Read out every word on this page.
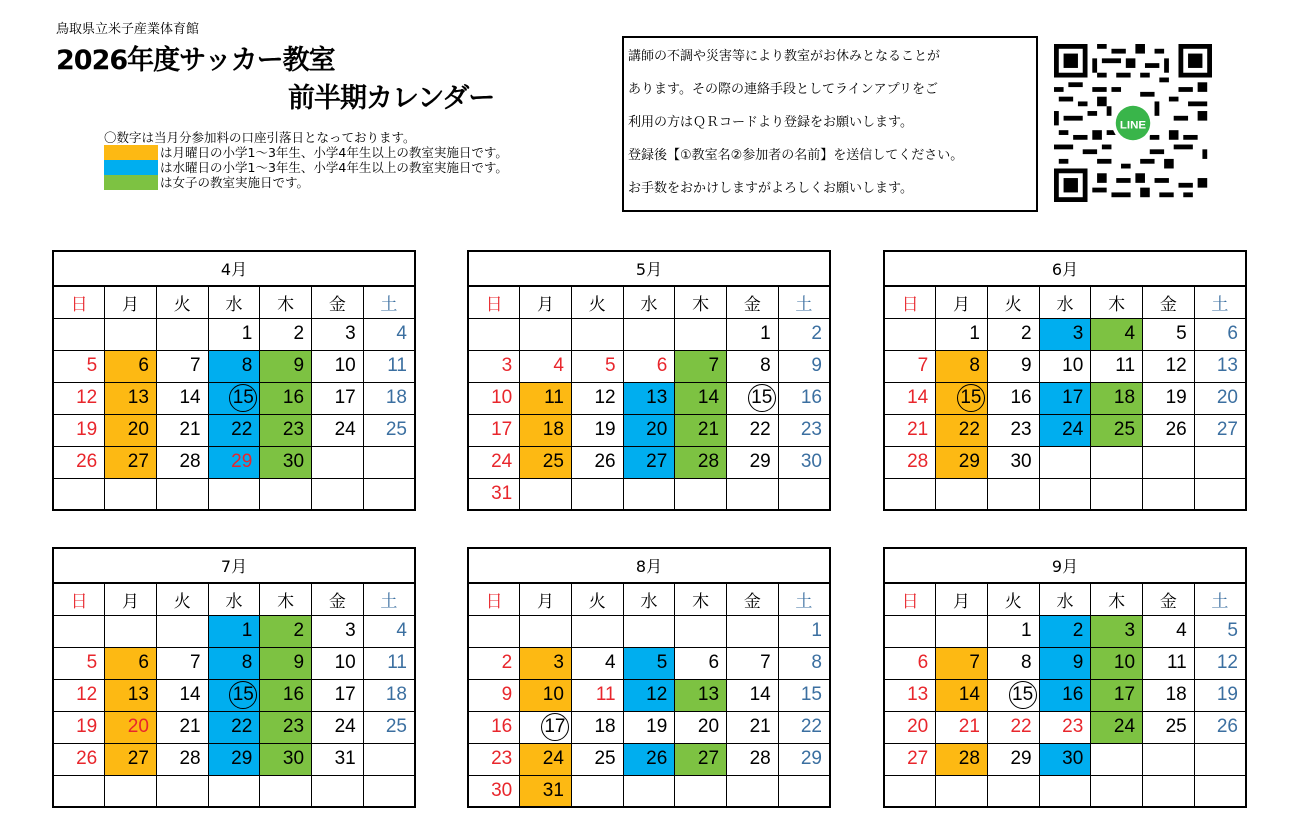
鳥取県立米子産業体育館
2026年度サッカー教室
前半期カレンダー
〇数字は当月分参加料の口座引落日となっております。
は月曜日の小学1～3年生、小学4年生以上の教室実施日です。
は水曜日の小学1～3年生、小学4年生以上の教室実施日です。
は女子の教室実施日です。

講師の不調や災害等により教室がお休みとなることが

あります。その際の連絡手段としてラインアプリをご

利用の方はＱＲコードより登録をお願いします。

登録後【①教室名②参加者の名前】を送信してください。

お手数をおかけしますがよろしくお願いします。

LINE
4月						
日	月	火	水	木	金	土
			1	2	3	4
5	6	7	8	9	10	11
12	13	14	15	16	17	18
19	20	21	22	23	24	25
26	27	28	29	30		

5月						
日	月	火	水	木	金	土
					1	2
3	4	5	6	7	8	9
10	11	12	13	14	15	16
17	18	19	20	21	22	23
24	25	26	27	28	29	30
31						
6月						
日	月	火	水	木	金	土
	1	2	3	4	5	6
7	8	9	10	11	12	13
14	15	16	17	18	19	20
21	22	23	24	25	26	27
28	29	30				

7月						
日	月	火	水	木	金	土
			1	2	3	4
5	6	7	8	9	10	11
12	13	14	15	16	17	18
19	20	21	22	23	24	25
26	27	28	29	30	31	

8月						
日	月	火	水	木	金	土
						1
2	3	4	5	6	7	8
9	10	11	12	13	14	15
16	17	18	19	20	21	22
23	24	25	26	27	28	29
30	31					
9月						
日	月	火	水	木	金	土
		1	2	3	4	5
6	7	8	9	10	11	12
13	14	15	16	17	18	19
20	21	22	23	24	25	26
27	28	29	30			
